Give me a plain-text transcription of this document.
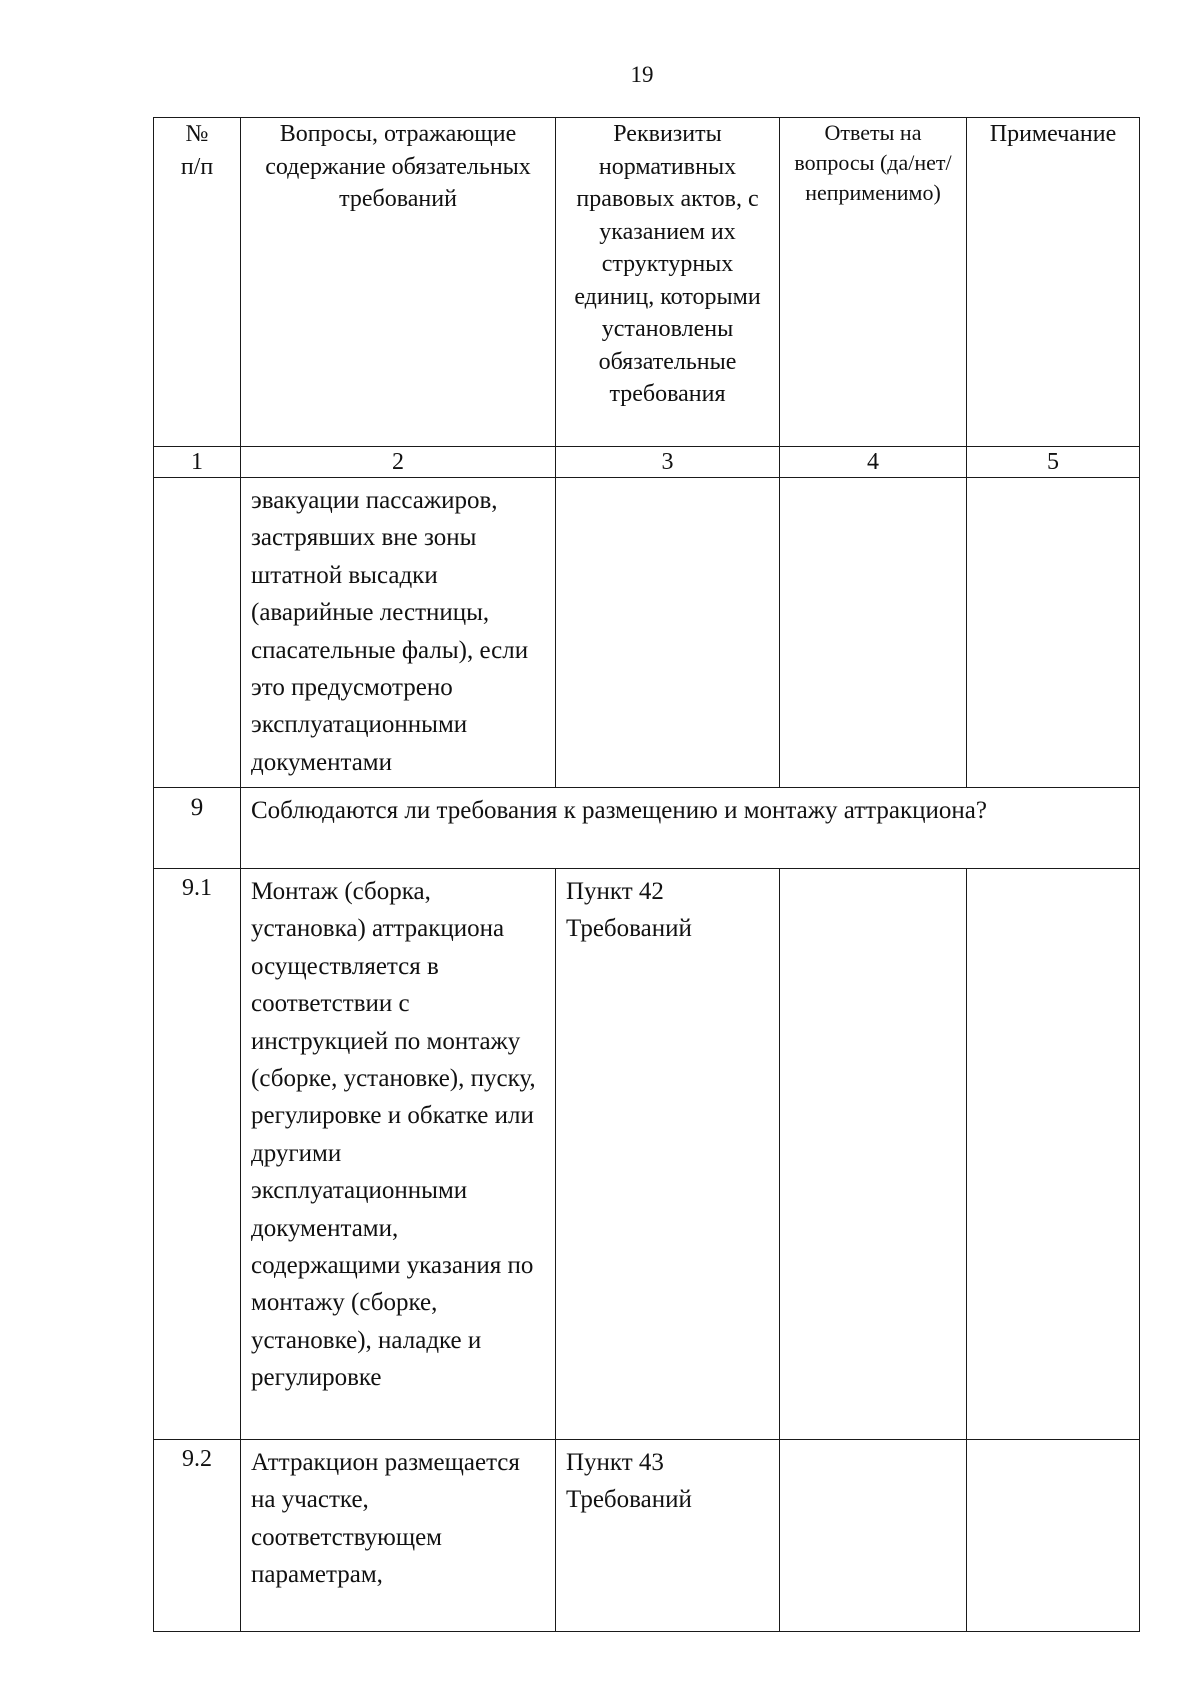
19
№
п/п	Вопросы, отражающие содержание обязательных требований	Реквизиты нормативных правовых актов, с указанием их структурных единиц, которыми установлены обязательные требования	Ответы на вопросы (да/нет/ неприменимо)	Примечание
1	2	3	4	5
	эвакуации пассажиров, застрявших вне зоны штатной высадки (аварийные лестницы, спасательные фалы), если это предусмотрено эксплуатационными документами			
9	Соблюдаются ли требования к размещению и монтажу аттракциона?			
9.1	Монтаж (сборка, установка) аттракциона осуществляется в соответствии с инструкцией по монтажу (сборке, установке), пуску, регулировке и обкатке или другими эксплуатационными документами, содержащими указания по монтажу (сборке, установке), наладке и регулировке	Пункт 42 Требований		
9.2	Аттракцион размещается на участке, соответствующем параметрам,	Пункт 43 Требований		
